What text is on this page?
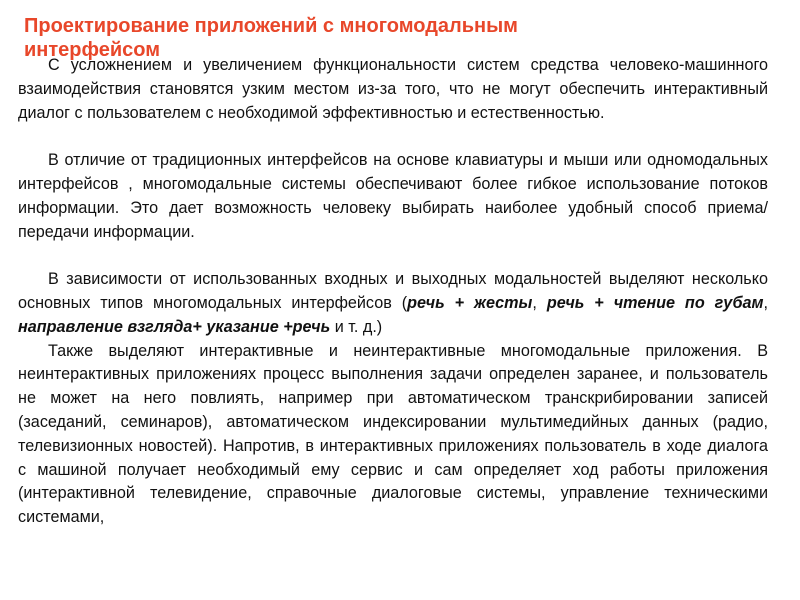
Проектирование приложений с многомодальным интерфейсом

С усложнением и увеличением функциональности систем средства человеко-машинного взаимодействия становятся узким местом из-за того, что не могут обеспечить интерактивный диалог с пользователем с необходимой эффективностью и естественностью.

В отличие от традиционных интерфейсов на основе клавиатуры и мыши или одномодальных интерфейсов , многомодальные системы обеспечивают более гибкое использование потоков информации. Это дает возможность человеку выбирать наиболее удобный способ приема/передачи информации.

В зависимости от использованных входных и выходных модальностей выделяют несколько основных типов многомодальных интерфейсов (речь + жесты, речь + чтение по губам, направление взгляда+ указание +речь и т. д.)

Также выделяют интерактивные и неинтерактивные многомодальные приложения. В неинтерактивных приложениях процесс выполнения задачи определен заранее, и пользователь не может на него повлиять, например при автоматическом транскрибировании записей (заседаний, семинаров), автоматическом индексировании мультимедийных данных (радио, телевизионных новостей). Напротив, в интерактивных приложениях пользователь в ходе диалога с машиной получает необходимый ему сервис и сам определяет ход работы приложения (интерактивной телевидение, справочные диалоговые системы, управление техническими системами,
